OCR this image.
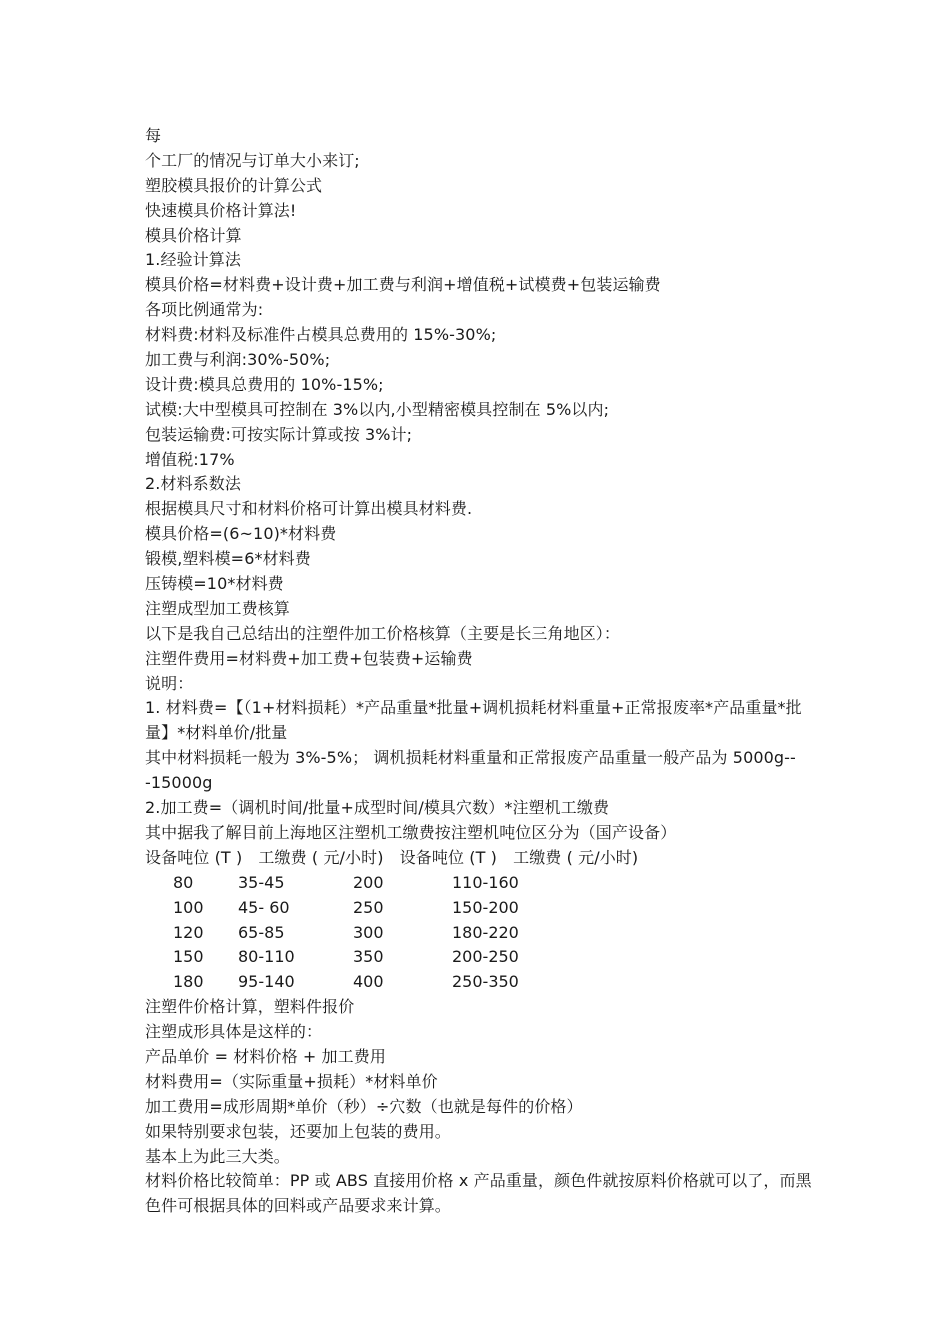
每
个工厂的情况与订单大小来订;
塑胶模具报价的计算公式
快速模具价格计算法!
模具价格计算
1.经验计算法
模具价格=材料费+设计费+加工费与利润+增值税+试模费+包装运输费
各项比例通常为:
材料费:材料及标准件占模具总费用的 15%-30%;
加工费与利润:30%-50%;
设计费:模具总费用的 10%-15%;
试模:大中型模具可控制在 3%以内,小型精密模具控制在 5%以内;
包装运输费:可按实际计算或按 3%计;
增值税:17%
2.材料系数法
根据模具尺寸和材料价格可计算出模具材料费.
模具价格=(6~10)*材料费
锻模,塑料模=6*材料费
压铸模=10*材料费
注塑成型加工费核算
以下是我自己总结出的注塑件加工价格核算（主要是长三角地区）：
注塑件费用=材料费+加工费+包装费+运输费
说明：
1. 材料费=【（1+材料损耗）*产品重量*批量+调机损耗材料重量+正常报废率*产品重量*批量】*材料单价/批量
其中材料损耗一般为 3%-5%； 调机损耗材料重量和正常报废产品重量一般产品为 5000g---15000g
2.加工费=（调机时间/批量+成型时间/模具穴数）*注塑机工缴费
其中据我了解目前上海地区注塑机工缴费按注塑机吨位区分为（国产设备）
设备吨位 (T )　工缴费 ( 元/小时)　设备吨位 (T )　工缴费 ( 元/小时)
80	35-45	200	110-160
100 45- 60	250	150-200
120 65-85	300	180-220
150 80-110	350	200-250
180 95-140	400	250-350
注塑件价格计算，塑料件报价
注塑成形具体是这样的：
产品单价 = 材料价格 + 加工费用
材料费用=（实际重量+损耗）*材料单价
加工费用=成形周期*单价（秒）÷穴数（也就是每件的价格）
如果特别要求包装，还要加上包装的费用。
基本上为此三大类。
材料价格比较简单：PP 或 ABS 直接用价格 x 产品重量，颜色件就按原料价格就可以了，而黑色件可根据具体的回料或产品要求来计算。
